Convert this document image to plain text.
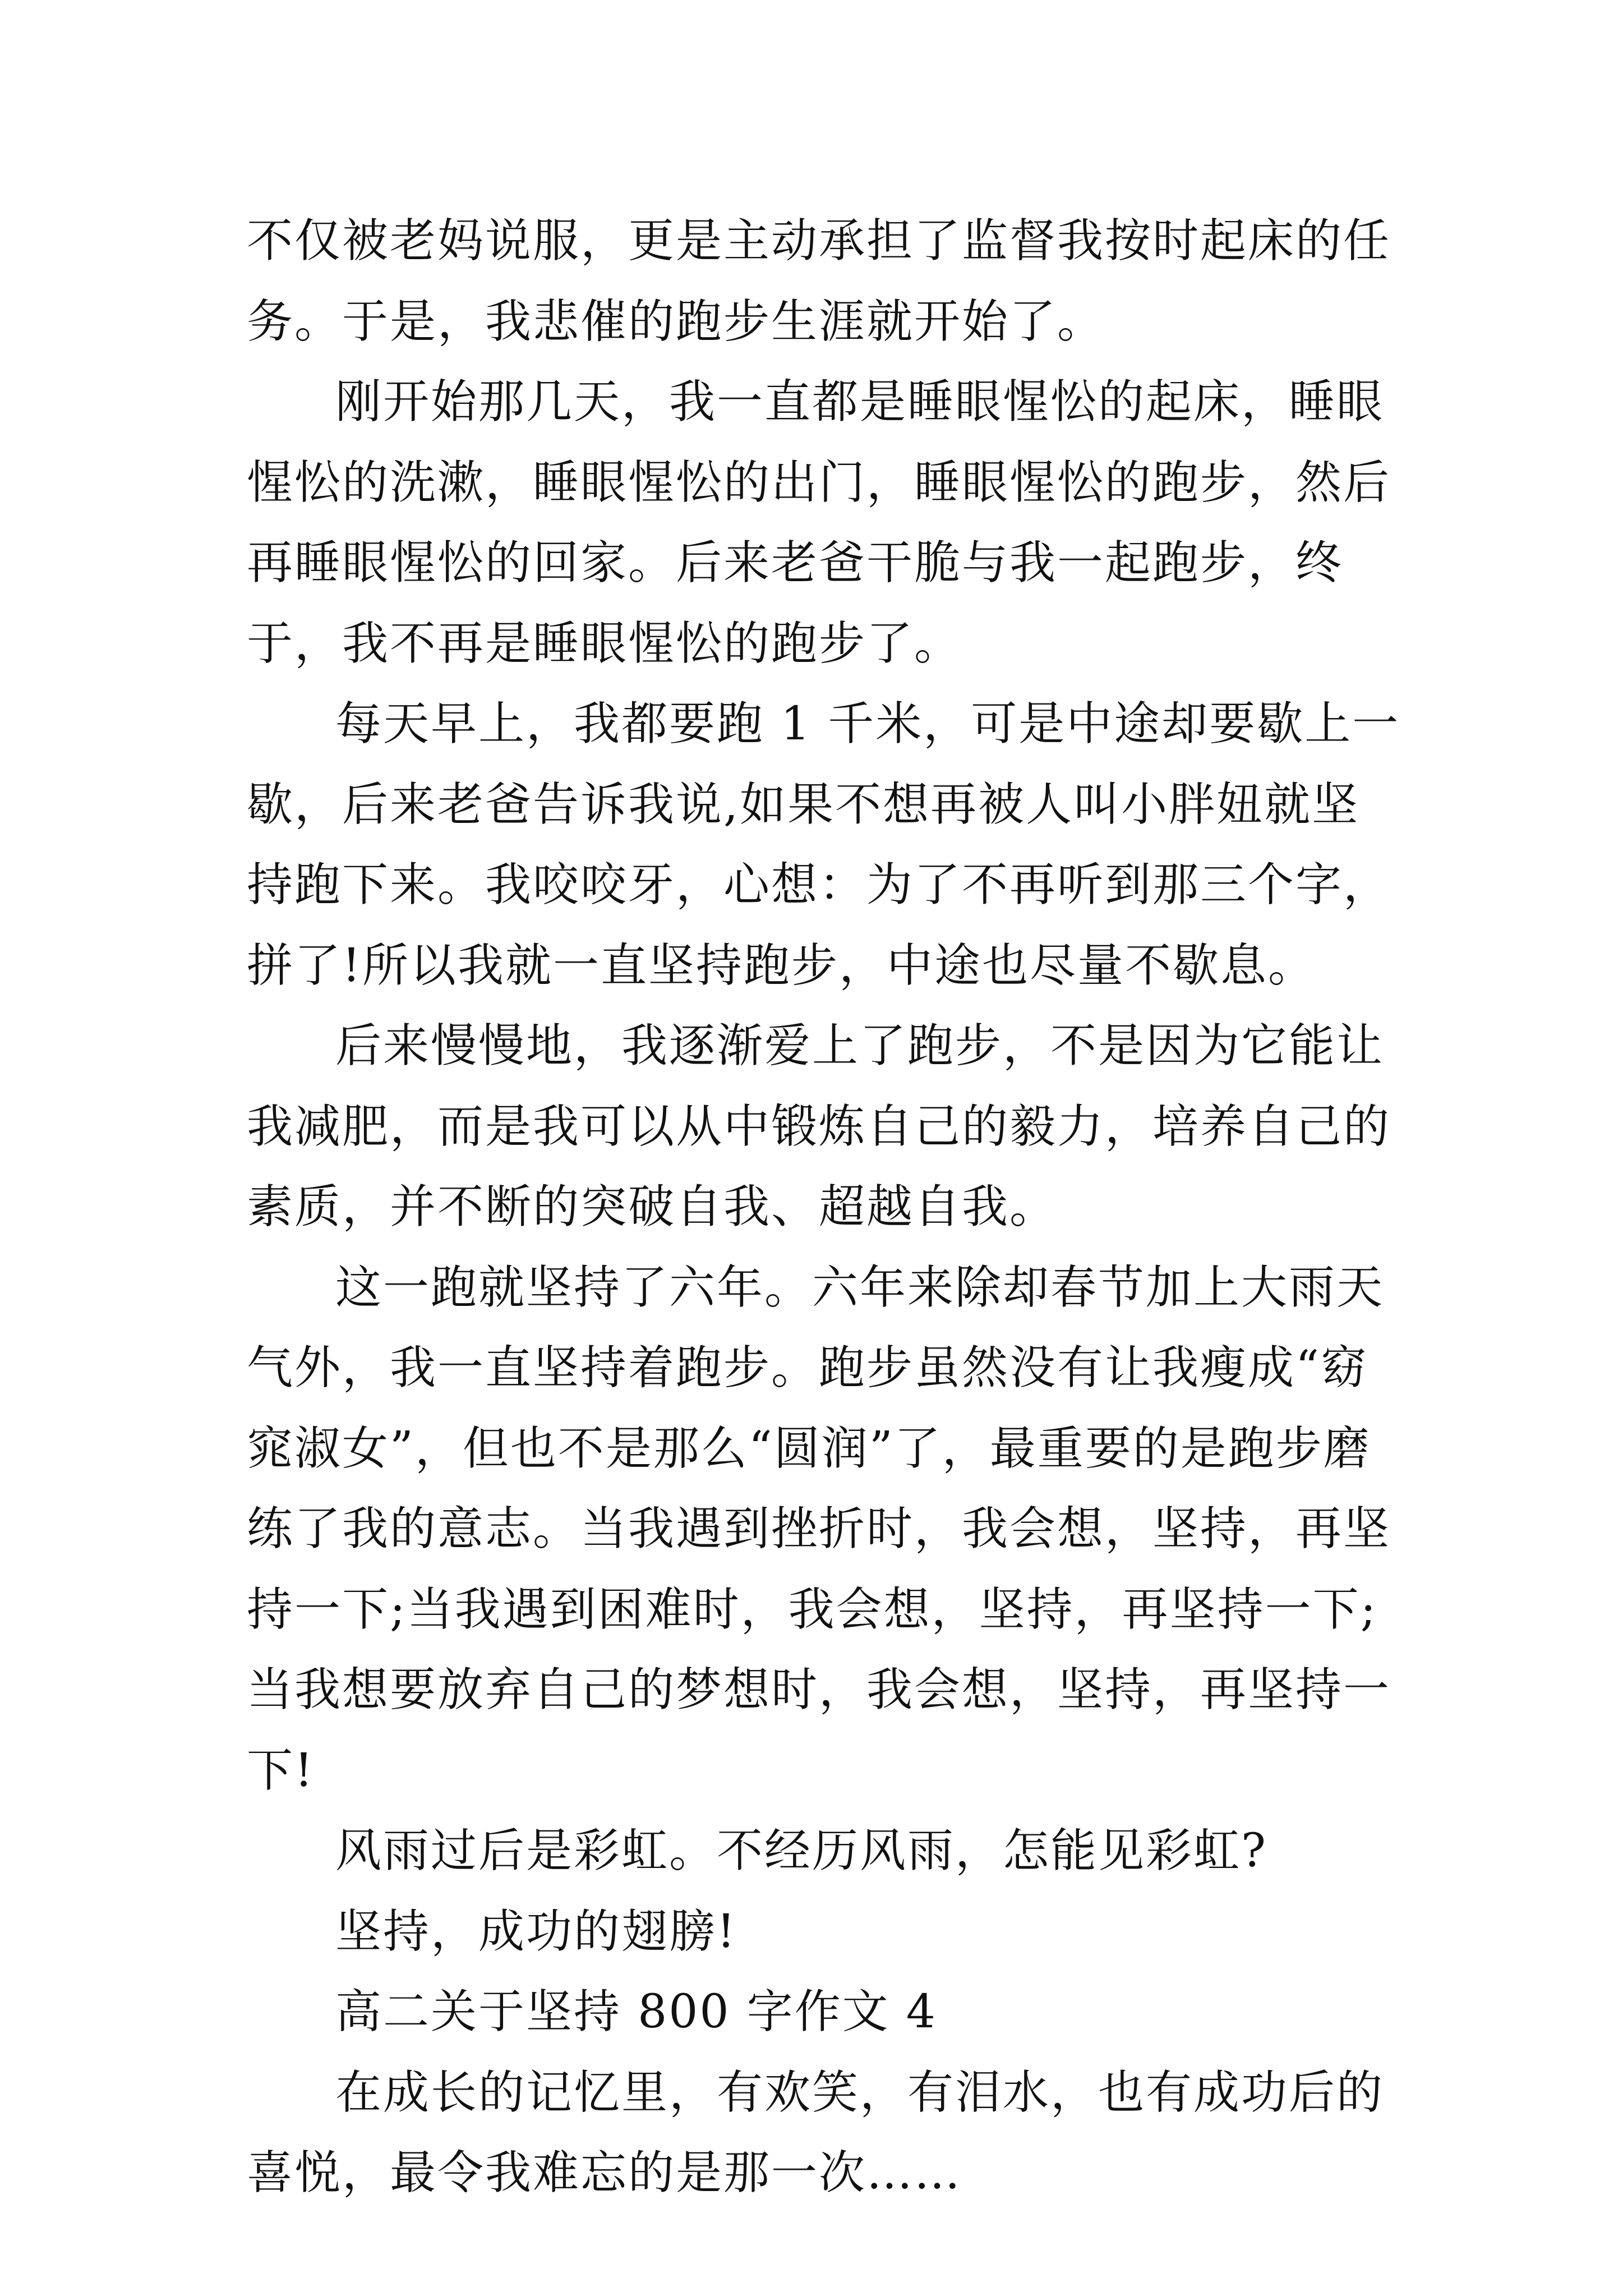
不仅被老妈说服，更是主动承担了监督我按时起床的任务。于是，我悲催的跑步生涯就开始了。

刚开始那几天，我一直都是睡眼惺忪的起床，睡眼惺忪的洗漱，睡眼惺忪的出门，睡眼惺忪的跑步，然后再睡眼惺忪的回家。后来老爸干脆与我一起跑步，终于，我不再是睡眼惺忪的跑步了。

每天早上，我都要跑 1 千米，可是中途却要歇上一歇，后来老爸告诉我说,如果不想再被人叫小胖妞就坚持跑下来。我咬咬牙，心想：为了不再听到那三个字，拼了!所以我就一直坚持跑步，中途也尽量不歇息。

后来慢慢地，我逐渐爱上了跑步，不是因为它能让我减肥，而是我可以从中锻炼自己的毅力，培养自己的素质，并不断的突破自我、超越自我。

这一跑就坚持了六年。六年来除却春节加上大雨天气外，我一直坚持着跑步。跑步虽然没有让我瘦成“窈窕淑女”，但也不是那么“圆润”了，最重要的是跑步磨练了我的意志。当我遇到挫折时，我会想，坚持，再坚持一下;当我遇到困难时，我会想，坚持，再坚持一下;当我想要放弃自己的梦想时，我会想，坚持，再坚持一下!

风雨过后是彩虹。不经历风雨，怎能见彩虹?

坚持，成功的翅膀!

高二关于坚持 800 字作文 4

在成长的记忆里，有欢笑，有泪水，也有成功后的喜悦，最令我难忘的是那一次……
